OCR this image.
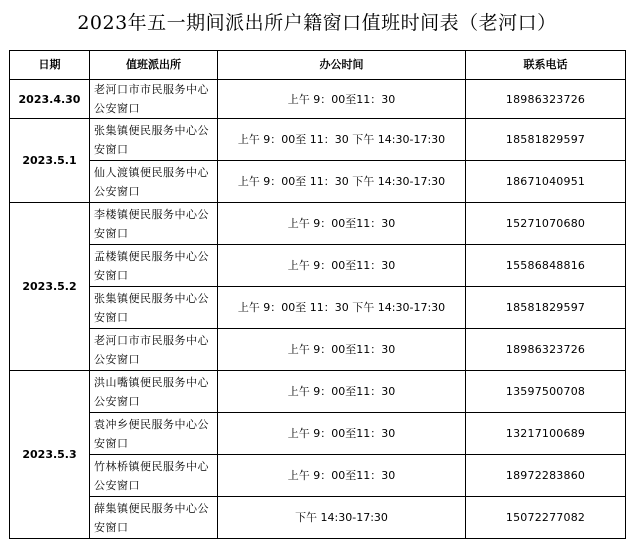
2023年五一期间派出所户籍窗口值班时间表（老河口）
日期	值班派出所	办公时间	联系电话
2023.4.30	老河口市市民服务中心公安窗口	上午 9：00至11：30	18986323726
2023.5.1	张集镇便民服务中心公安窗口	上午 9：00至 11：30 下午 14:30-17:30	18581829597
	仙人渡镇便民服务中心公安窗口	上午 9：00至 11：30 下午 14:30-17:30	18671040951
2023.5.2	李楼镇便民服务中心公安窗口	上午 9：00至11：30	15271070680
	孟楼镇便民服务中心公安窗口	上午 9：00至11：30	15586848816
	张集镇便民服务中心公安窗口	上午 9：00至 11：30 下午 14:30-17:30	18581829597
	老河口市市民服务中心公安窗口	上午 9：00至11：30	18986323726
2023.5.3	洪山嘴镇便民服务中心公安窗口	上午 9：00至11：30	13597500708
	袁冲乡便民服务中心公安窗口	上午 9：00至11：30	13217100689
	竹林桥镇便民服务中心公安窗口	上午 9：00至11：30	18972283860
	薛集镇便民服务中心公安窗口	下午 14:30-17:30	15072277082
